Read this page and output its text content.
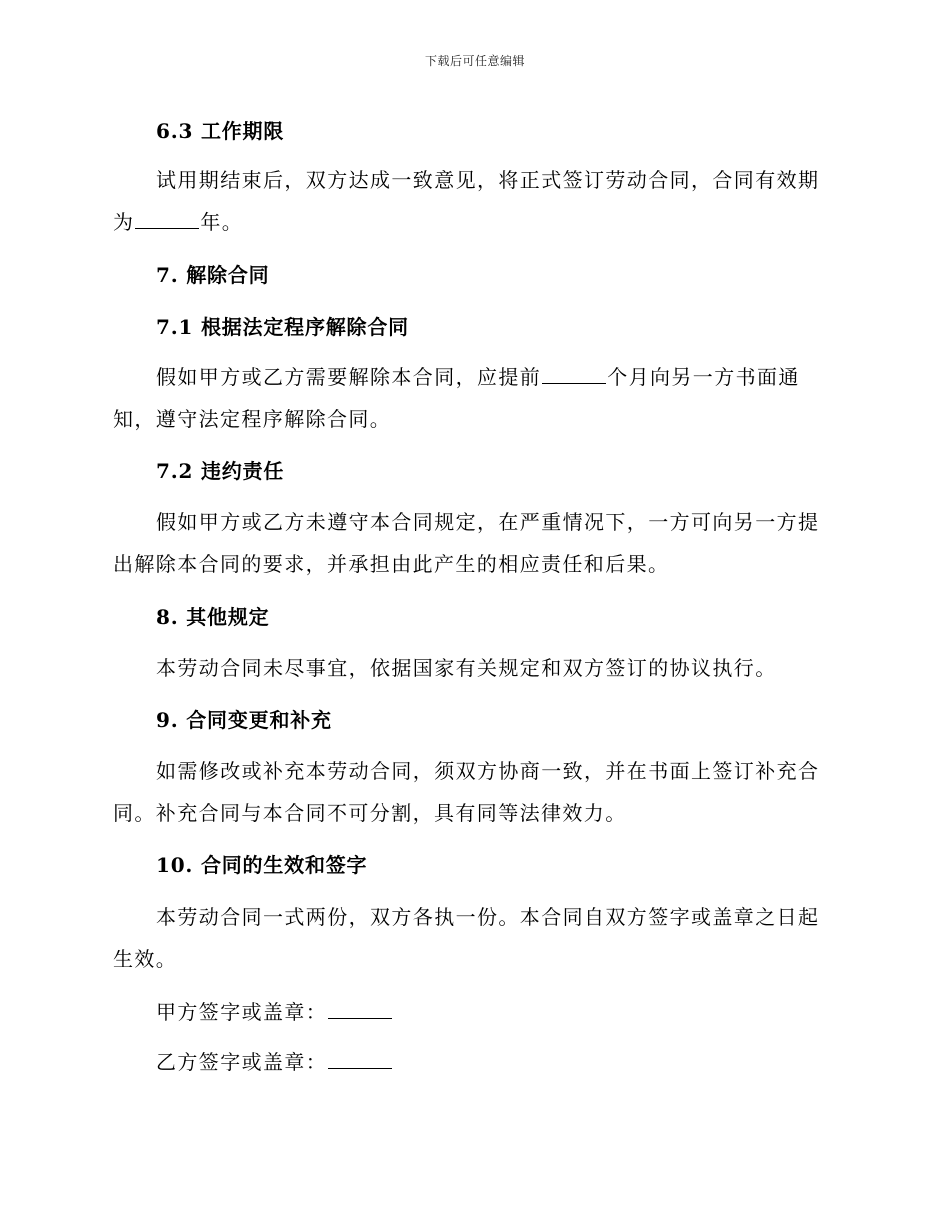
下载后可任意编辑
6.3 工作期限
试用期结束后，双方达成一致意见，将正式签订劳动合同，合同有效期
为	年。
7. 解除合同
7.1 根据法定程序解除合同
假如甲方或乙方需要解除本合同，应提前	个月向另一方书面通
知，遵守法定程序解除合同。
7.2 违约责任
假如甲方或乙方未遵守本合同规定，在严重情况下，一方可向另一方提
出解除本合同的要求，并承担由此产生的相应责任和后果。
8. 其他规定
本劳动合同未尽事宜，依据国家有关规定和双方签订的协议执行。
9. 合同变更和补充
如需修改或补充本劳动合同，须双方协商一致，并在书面上签订补充合
同。补充合同与本合同不可分割，具有同等法律效力。
10. 合同的生效和签字
本劳动合同一式两份，双方各执一份。本合同自双方签字或盖章之日起
生效。
甲方签字或盖章：
乙方签字或盖章：
